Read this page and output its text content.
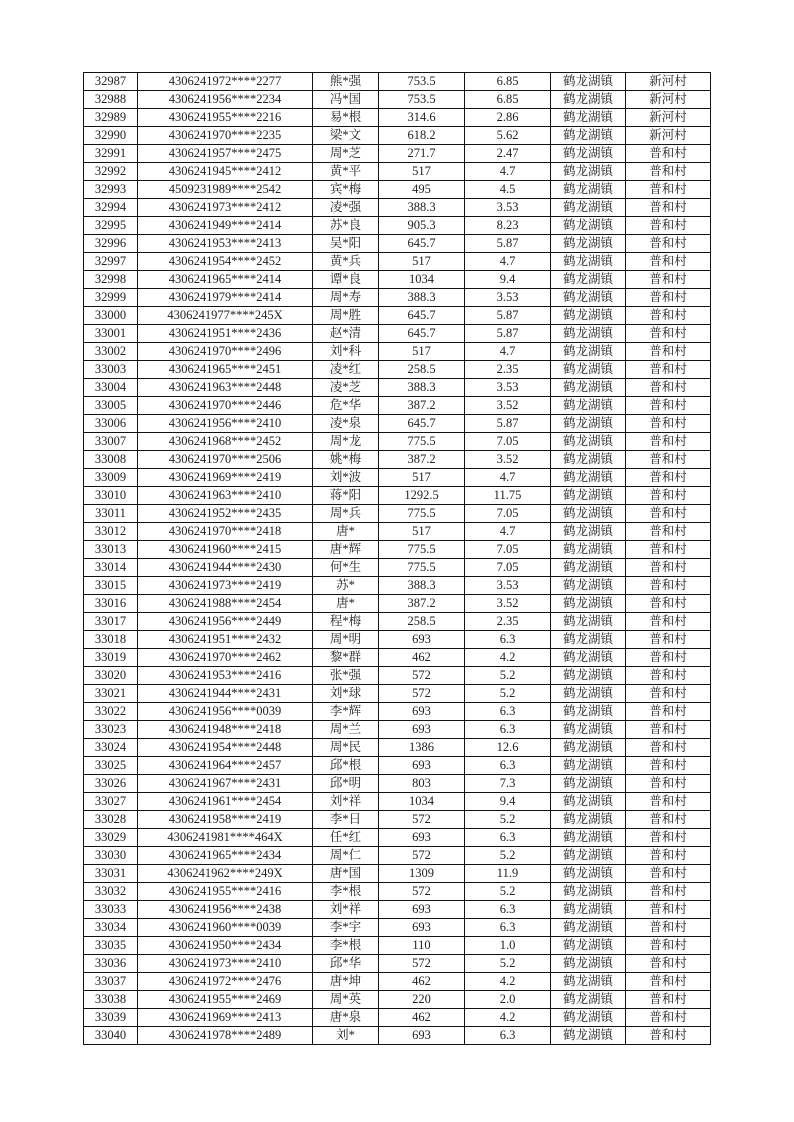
32987	4306241972****2277	熊*强	753.5	6.85	鹤龙湖镇	新河村
32988	4306241956****2234	冯*国	753.5	6.85	鹤龙湖镇	新河村
32989	4306241955****2216	易*根	314.6	2.86	鹤龙湖镇	新河村
32990	4306241970****2235	梁*文	618.2	5.62	鹤龙湖镇	新河村
32991	4306241957****2475	周*芝	271.7	2.47	鹤龙湖镇	普和村
32992	4306241945****2412	黄*平	517	4.7	鹤龙湖镇	普和村
32993	4509231989****2542	宾*梅	495	4.5	鹤龙湖镇	普和村
32994	4306241973****2412	凌*强	388.3	3.53	鹤龙湖镇	普和村
32995	4306241949****2414	苏*良	905.3	8.23	鹤龙湖镇	普和村
32996	4306241953****2413	吴*阳	645.7	5.87	鹤龙湖镇	普和村
32997	4306241954****2452	黄*兵	517	4.7	鹤龙湖镇	普和村
32998	4306241965****2414	谭*良	1034	9.4	鹤龙湖镇	普和村
32999	4306241979****2414	周*寿	388.3	3.53	鹤龙湖镇	普和村
33000	4306241977****245X	周*胜	645.7	5.87	鹤龙湖镇	普和村
33001	4306241951****2436	赵*清	645.7	5.87	鹤龙湖镇	普和村
33002	4306241970****2496	刘*科	517	4.7	鹤龙湖镇	普和村
33003	4306241965****2451	凌*红	258.5	2.35	鹤龙湖镇	普和村
33004	4306241963****2448	凌*芝	388.3	3.53	鹤龙湖镇	普和村
33005	4306241970****2446	危*华	387.2	3.52	鹤龙湖镇	普和村
33006	4306241956****2410	凌*泉	645.7	5.87	鹤龙湖镇	普和村
33007	4306241968****2452	周*龙	775.5	7.05	鹤龙湖镇	普和村
33008	4306241970****2506	姚*梅	387.2	3.52	鹤龙湖镇	普和村
33009	4306241969****2419	刘*波	517	4.7	鹤龙湖镇	普和村
33010	4306241963****2410	蒋*阳	1292.5	11.75	鹤龙湖镇	普和村
33011	4306241952****2435	周*兵	775.5	7.05	鹤龙湖镇	普和村
33012	4306241970****2418	唐*	517	4.7	鹤龙湖镇	普和村
33013	4306241960****2415	唐*辉	775.5	7.05	鹤龙湖镇	普和村
33014	4306241944****2430	何*生	775.5	7.05	鹤龙湖镇	普和村
33015	4306241973****2419	苏*	388.3	3.53	鹤龙湖镇	普和村
33016	4306241988****2454	唐*	387.2	3.52	鹤龙湖镇	普和村
33017	4306241956****2449	程*梅	258.5	2.35	鹤龙湖镇	普和村
33018	4306241951****2432	周*明	693	6.3	鹤龙湖镇	普和村
33019	4306241970****2462	黎*群	462	4.2	鹤龙湖镇	普和村
33020	4306241953****2416	张*强	572	5.2	鹤龙湖镇	普和村
33021	4306241944****2431	刘*球	572	5.2	鹤龙湖镇	普和村
33022	4306241956****0039	李*辉	693	6.3	鹤龙湖镇	普和村
33023	4306241948****2418	周*兰	693	6.3	鹤龙湖镇	普和村
33024	4306241954****2448	周*民	1386	12.6	鹤龙湖镇	普和村
33025	4306241964****2457	邱*根	693	6.3	鹤龙湖镇	普和村
33026	4306241967****2431	邱*明	803	7.3	鹤龙湖镇	普和村
33027	4306241961****2454	刘*祥	1034	9.4	鹤龙湖镇	普和村
33028	4306241958****2419	李*日	572	5.2	鹤龙湖镇	普和村
33029	4306241981****464X	任*红	693	6.3	鹤龙湖镇	普和村
33030	4306241965****2434	周*仁	572	5.2	鹤龙湖镇	普和村
33031	4306241962****249X	唐*国	1309	11.9	鹤龙湖镇	普和村
33032	4306241955****2416	李*根	572	5.2	鹤龙湖镇	普和村
33033	4306241956****2438	刘*祥	693	6.3	鹤龙湖镇	普和村
33034	4306241960****0039	李*宇	693	6.3	鹤龙湖镇	普和村
33035	4306241950****2434	李*根	110	1.0	鹤龙湖镇	普和村
33036	4306241973****2410	邱*华	572	5.2	鹤龙湖镇	普和村
33037	4306241972****2476	唐*坤	462	4.2	鹤龙湖镇	普和村
33038	4306241955****2469	周*英	220	2.0	鹤龙湖镇	普和村
33039	4306241969****2413	唐*泉	462	4.2	鹤龙湖镇	普和村
33040	4306241978****2489	刘*	693	6.3	鹤龙湖镇	普和村
